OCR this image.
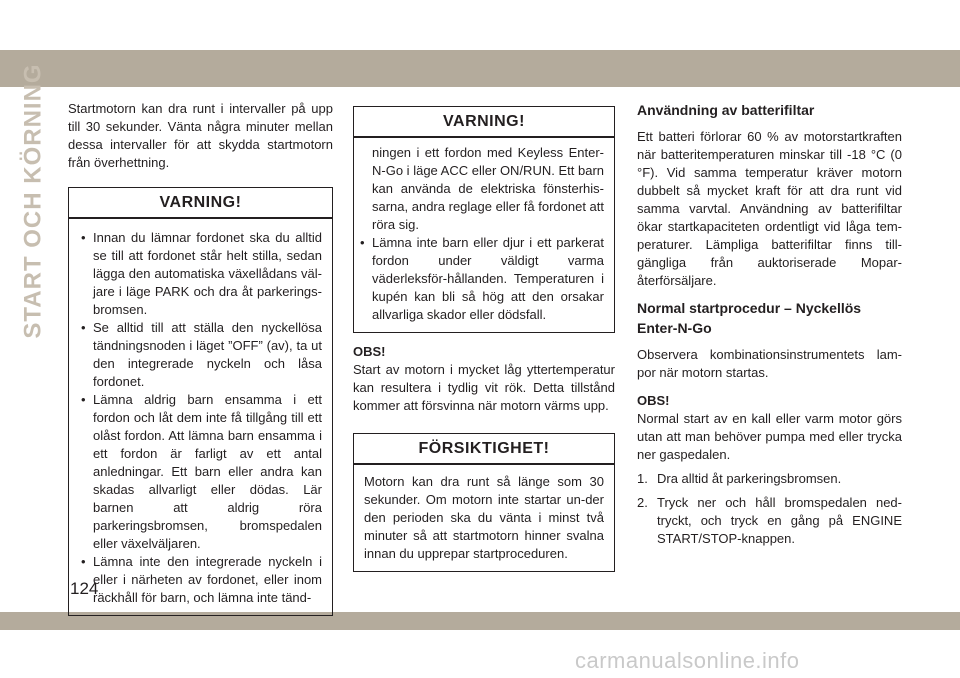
START OCH KÖRNING Startmotorn kan dra runt i intervaller på upp till 30 sekunder. Vänta några minuter mellan dessa intervaller för att skydda startmotorn från överhettning.

VARNING!
• Innan du lämnar fordonet ska du alltid se till att fordonet står helt stilla, sedan lägga den automatiska växellådans väl-jare i läge PARK och dra åt parkerings-bromsen.
• Se alltid till att ställa den nyckellösa tändningsnoden i läget ”OFF” (av), ta ut den integrerade nyckeln och låsa fordonet.
• Lämna aldrig barn ensamma i ett fordon och låt dem inte få tillgång till ett olåst fordon. Att lämna barn ensamma i ett fordon är farligt av ett antal anledningar. Ett barn eller andra kan skadas allvarligt eller dödas. Lär barnen att aldrig röra parkeringsbromsen, bromspedalen eller växelväljaren.
• Lämna inte den integrerade nyckeln i eller i närheten av fordonet, eller inom räckhåll för barn, och lämna inte tänd-
VARNING!

ningen i ett fordon med Keyless Enter-N-Go i läge ACC eller ON/RUN. Ett barn kan använda de elektriska fönsterhis-sarna, andra reglage eller få fordonet att röra sig.

• Lämna inte barn eller djur i ett parkerat fordon under väldigt varma väderleksför-hållanden. Temperaturen i kupén kan bli så hög att den orsakar allvarliga skador eller dödsfall.

OBS!

Start av motorn i mycket låg yttertemperatur kan resultera i tydlig vit rök. Detta tillstånd kommer att försvinna när motorn värms upp.

FÖRSIKTIGHET!

Motorn kan dra runt så länge som 30 sekunder. Om motorn inte startar un-der den perioden ska du vänta i minst två minuter så att startmotorn hinner svalna innan du upprepar startproceduren.

Användning av batterifiltar

Ett batteri förlorar 60 % av motorstartkraften när batteritemperaturen minskar till -18 °C (0 °F). Vid samma temperatur kräver motorn dubbelt så mycket kraft för att dra runt vid samma varvtal. Användning av batterifiltar ökar startkapaciteten ordentligt vid låga tem-peraturer. Lämpliga batterifiltar finns till-gängliga från auktoriserade Mopar-återförsäljare.

Normal startprocedur – Nyckellös Enter-N-Go

Observera kombinationsinstrumentets lam-por när motorn startas.

OBS!

Normal start av en kall eller varm motor görs utan att man behöver pumpa med eller trycka ner gaspedalen.

1. Dra alltid åt parkeringsbromsen.
2. Tryck ner och håll bromspedalen ned-tryckt, och tryck en gång på ENGINE START/STOP-knappen.
124
carmanualsonline.info
